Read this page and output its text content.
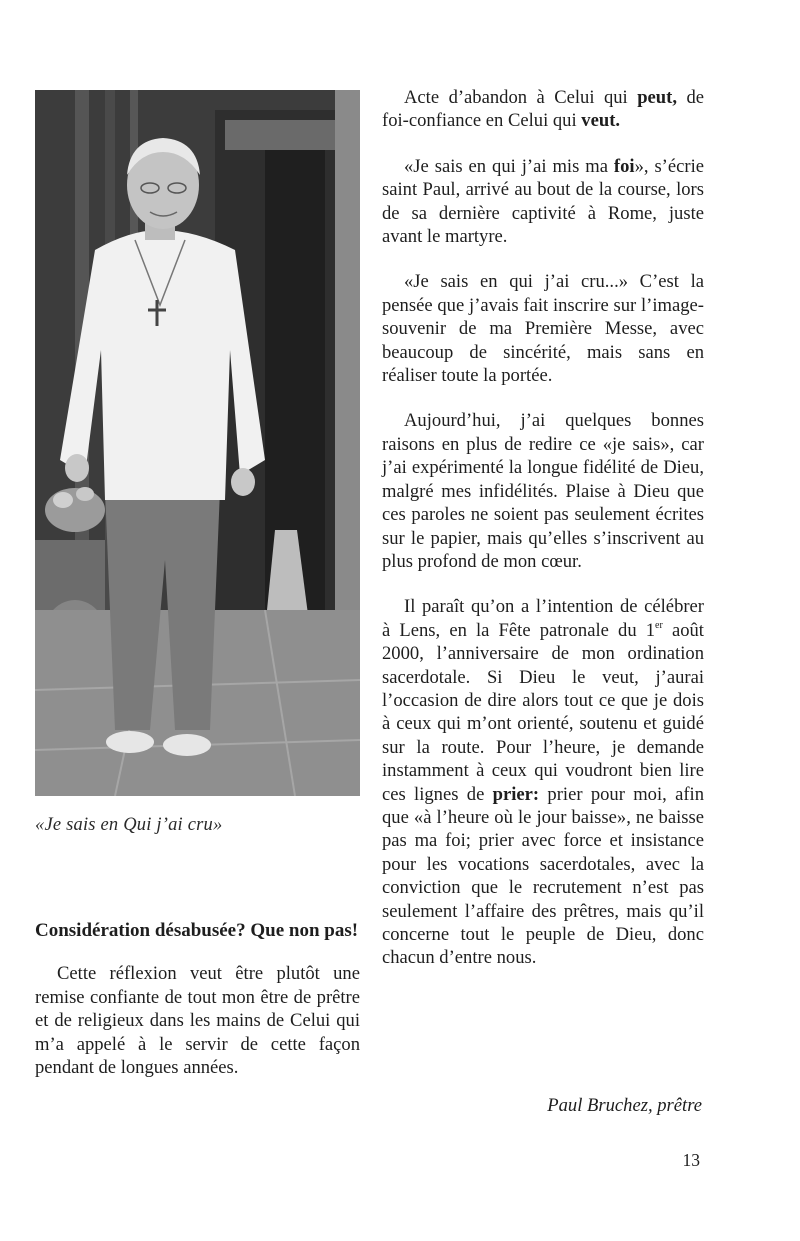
«Je sais en Qui j’ai cru»

Considération désabusée? Que non pas!

Cette réflexion veut être plutôt une remise confiante de tout mon être de prêtre et de religieux dans les mains de Celui qui m’a appelé à le servir de cette façon pendant de longues années.

Acte d’abandon à Celui qui peut, de foi-confiance en Celui qui veut.

«Je sais en qui j’ai mis ma foi», s’écrie saint Paul, arrivé au bout de la course, lors de sa dernière captivité à Rome, juste avant le martyre.

«Je sais en qui j’ai cru...» C’est la pensée que j’avais fait inscrire sur l’image-souvenir de ma Première Messe, avec beaucoup de sincérité, mais sans en réaliser toute la portée.

Aujourd’hui, j’ai quelques bonnes raisons en plus de redire ce «je sais», car j’ai expérimenté la longue fidélité de Dieu, malgré mes infidélités. Plaise à Dieu que ces paroles ne soient pas seulement écrites sur le papier, mais qu’elles s’inscrivent au plus profond de mon cœur.

Il paraît qu’on a l’intention de célébrer à Lens, en la Fête patronale du 1er août 2000, l’anniversaire de mon ordination sacerdotale. Si Dieu le veut, j’aurai l’occasion de dire alors tout ce que je dois à ceux qui m’ont orienté, soutenu et guidé sur la route. Pour l’heure, je demande instamment à ceux qui voudront bien lire ces lignes de prier: prier pour moi, afin que «à l’heure où le jour baisse», ne baisse pas ma foi; prier avec force et insistance pour les vocations sacerdotales, avec la conviction que le recrutement n’est pas seulement l’affaire des prêtres, mais qu’il concerne tout le peuple de Dieu, donc chacun d’entre nous.

Paul Bruchez, prêtre
13
